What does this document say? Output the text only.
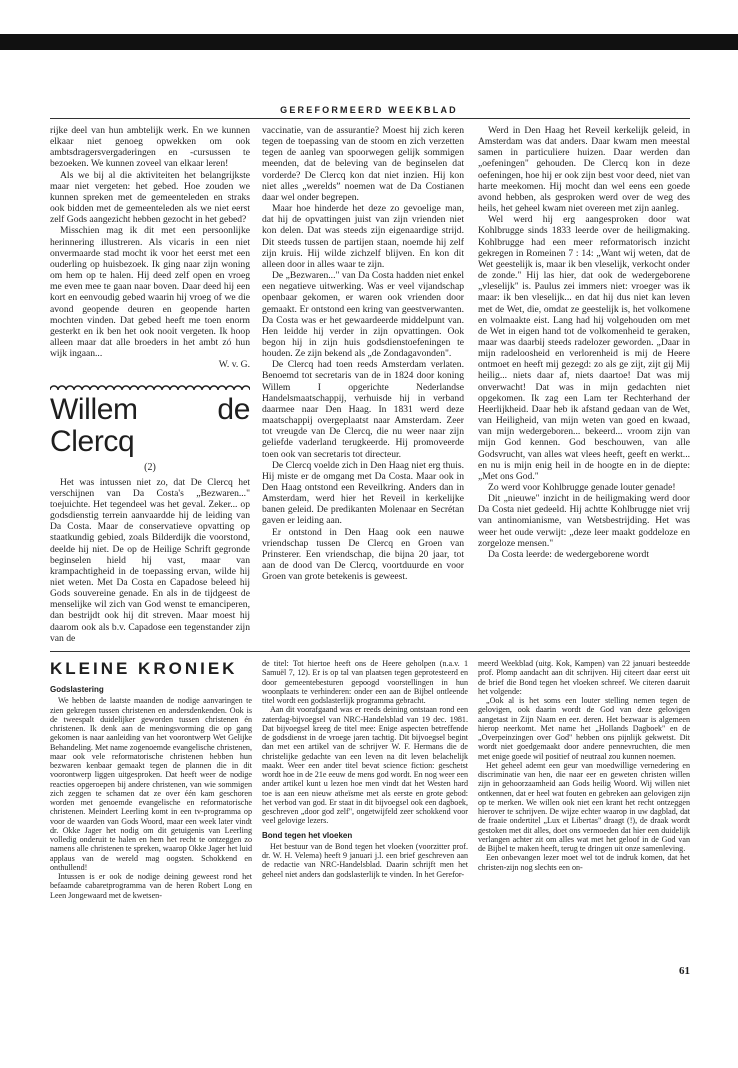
GEREFORMEERD WEEKBLAD

rijke deel van hun ambtelijk werk. En we kunnen elkaar niet genoeg opwekken om ook ambtsdragersvergaderingen en -cursussen te bezoeken. We kunnen zoveel van elkaar leren!

Als we bij al die aktiviteiten het belangrijkste maar niet vergeten: het gebed. Hoe zouden we kunnen spreken met de gemeenteleden en straks ook bidden met de gemeenteleden als we niet eerst zelf Gods aangezicht hebben gezocht in het gebed?

Misschien mag ik dit met een persoonlijke herinnering illustreren. Als vicaris in een niet onvermaarde stad mocht ik voor het eerst met een ouderling op huisbezoek. Ik ging naar zijn woning om hem op te halen. Hij deed zelf open en vroeg me even mee te gaan naar boven. Daar deed hij een kort en eenvoudig gebed waarin hij vroeg of we die avond geopende deuren en geopende harten mochten vinden. Dat gebed heeft me toen enorm gesterkt en ik ben het ook nooit vergeten. Ik hoop alleen maar dat alle broeders in het ambt zó hun wijk ingaan...

W. v. G.

Willem de Clercq
(2)

Het was intussen niet zo, dat De Clercq het verschijnen van Da Costa's „Bezwaren..." toejuichte. Het tegendeel was het geval. Zeker... op godsdienstig terrein aanvaardde hij de leiding van Da Costa. Maar de conservatieve opvatting op staatkundig gebied, zoals Bilderdijk die voorstond, deelde hij niet. De op de Heilige Schrift gegronde beginselen hield hij vast, maar van krampachtigheid in de toepassing ervan, wilde hij niet weten. Met Da Costa en Capadose beleed hij Gods souvereine genade. En als in de tijdgeest de menselijke wil zich van God wenst te emanciperen, dan bestrijdt ook hij dit streven. Maar moest hij daarom ook als b.v. Capadose een tegenstander zijn van de

vaccinatie, van de assurantie? Moest hij zich keren tegen de toepassing van de stoom en zich verzetten tegen de aanleg van spoorwegen gelijk sommigen meenden, dat de beleving van de beginselen dat vorderde? De Clercq kon dat niet inzien. Hij kon niet alles „wereldsˮ noemen wat de Da Costianen daar wel onder begrepen.

Maar hoe hinderde het deze zo gevoelige man, dat hij de opvattingen juist van zijn vrienden niet kon delen. Dat was steeds zijn eigenaardige strijd. Dit steeds tussen de partijen staan, noemde hij zelf zijn kruis. Hij wilde zichzelf blijven. En kon dit alleen door in alles waar te zijn.

De „Bezwaren..." van Da Costa hadden niet enkel een negatieve uitwerking. Was er veel vijandschap openbaar gekomen, er waren ook vrienden door gemaakt. Er ontstond een kring van geestverwanten. Da Costa was er het gewaardeerde middelpunt van. Hen leidde hij verder in zijn opvattingen. Ook begon hij in zijn huis godsdienstoefeningen te houden. Ze zijn bekend als „de Zondagavonden".

De Clercq had toen reeds Amsterdam verlaten. Benoemd tot secretaris van de in 1824 door koning Willem I opgerichte Nederlandse Handelsmaatschappij, verhuisde hij in verband daarmee naar Den Haag. In 1831 werd deze maatschappij overgeplaatst naar Amsterdam. Zeer tot vreugde van De Clercq, die nu weer naar zijn geliefde vaderland terugkeerde. Hij promoveerde toen ook van secretaris tot directeur.

De Clercq voelde zich in Den Haag niet erg thuis. Hij miste er de omgang met Da Costa. Maar ook in Den Haag ontstond een Reveilkring. Anders dan in Amsterdam, werd hier het Reveil in kerkelijke banen geleid. De predikanten Molenaar en Secrétan gaven er leiding aan.

Er ontstond in Den Haag ook een nauwe vriendschap tussen De Clercq en Groen van Prinsterer. Een vriendschap, die bijna 20 jaar, tot aan de dood van De Clercq, voortduurde en voor Groen van grote betekenis is geweest.

Werd in Den Haag het Reveil kerkelijk geleid, in Amsterdam was dat anders. Daar kwam men meestal samen in particuliere huizen. Daar werden dan „oefeningen" gehouden. De Clercq kon in deze oefeningen, hoe hij er ook zijn best voor deed, niet van harte meekomen. Hij mocht dan wel eens een goede avond hebben, als gesproken werd over de weg des heils, het geheel kwam niet overeen met zijn aanleg.

Wel werd hij erg aangesproken door wat Kohlbrugge sinds 1833 leerde over de heiligmaking. Kohlbrugge had een meer reformatorisch inzicht gekregen in Romeinen 7 : 14: „Want wij weten, dat de Wet geestelijk is, maar ik ben vleselijk, verkocht onder de zonde." Hij las hier, dat ook de wedergeborene „vleselijk" is. Paulus zei immers niet: vroeger was ik maar: ik ben vleselijk... en dat hij dus niet kan leven met de Wet, die, omdat ze geestelijk is, het volkomene en volmaakte eist. Lang had hij volgehouden om met de Wet in eigen hand tot de volkomenheid te geraken, maar was daarbij steeds radelozer geworden. „Daar in mijn radeloosheid en verlorenheid is mij de Heere ontmoet en heeft mij gezegd: zo als ge zijt, zijt gij Mij heilig... niets daar af, niets daartoe! Dat was mij onverwacht! Dat was in mijn gedachten niet opgekomen. Ik zag een Lam ter Rechterhand der Heerlijkheid. Daar heb ik afstand gedaan van de Wet, van Heiligheid, van mijn weten van goed en kwaad, van mijn wedergeboren... bekeerd... vroom zijn van mijn God kennen. God beschouwen, van alle Godsvrucht, van alles wat vlees heeft, geeft en werkt... en nu is mijn enig heil in de hoogte en in de diepte: „Met ons God."

Zo werd voor Kohlbrugge genade louter genade!

Dit „nieuwe" inzicht in de heiligmaking werd door Da Costa niet gedeeld. Hij achtte Kohlbrugge niet vrij van antinomianisme, van Wetsbestrijding. Het was weer het oude verwijt: „deze leer maakt goddeloze en zorgeloze mensen."

Da Costa leerde: de wedergeborene wordt

KLEINE KRONIEK
Godslastering

We hebben de laatste maanden de nodige aanvaringen te zien gekregen tussen christenen en andersdenkenden. Ook is de tweespalt duidelijker geworden tussen christenen én christenen. Ik denk aan de meningsvorming die op gang gekomen is naar aanleiding van het voorontwerp Wet Gelijke Behandeling. Met name zogenoemde evangelische christenen, maar ook vele reformatorische christenen hebben hun bezwaren kenbaar gemaakt tegen de plannen die in dit voorontwerp liggen uitgesproken. Dat heeft weer de nodige reacties opgeroepen bij andere christenen, van wie sommigen zich zeggen te schamen dat ze over één kam geschoren worden met genoemde evangelische en reformatorische christenen. Meindert Leerling komt in een tv-programma op voor de waarden van Gods Woord, maar een week later vindt dr. Okke Jager het nodig om dit getuigenis van Leerling volledig onderuit te halen en hem het recht te ontzeggen zo namens alle christenen te spreken, waarop Okke Jager het luid applaus van de wereld mag oogsten. Schokkend en onthullend!

Intussen is er ook de nodige deining geweest rond het befaamde cabaretprogramma van de heren Robert Long en Leen Jongewaard met de kwetsen-

de titel: Tot hiertoe heeft ons de Heere geholpen (n.a.v. 1 Samuël 7, 12). Er is op tal van plaatsen tegen geprotesteerd en door gemeentebesturen gepoogd voorstellingen in hun woonplaats te verhinderen: onder een aan de Bijbel ontleende titel wordt een godslasterlijk programma gebracht.

Aan dit voorafgaand was er reeds deining ontstaan rond een zaterdag-bijvoegsel van NRC-Handelsblad van 19 dec. 1981. Dat bijvoegsel kreeg de titel mee: Enige aspecten betreffende de godsdienst in de vroege jaren tachtig. Dit bijvoegsel begint dan met een artikel van de schrijver W. F. Hermans die de christelijke gedachte van een leven na dit leven belachelijk maakt. Weer een ander titel bevat science fiction: geschetst wordt hoe in de 21e eeuw de mens god wordt. En nog weer een ander artikel kunt u lezen hoe men vindt dat het Westen hard toe is aan een nieuw atheïsme met als eerste en grote gebod: het verbod van god. Er staat in dit bijvoegsel ook een dagboek, geschreven „door god zelf", ongetwijfeld zeer schokkend voor veel gelovige lezers.

Bond tegen het vloeken

Het bestuur van de Bond tegen het vloeken (voorzitter prof. dr. W. H. Velema) heeft 9 januari j.l. een brief geschreven aan de redactie van NRC-Handelsblad. Daarin schrijft men het geheel niet anders dan godslasterlijk te vinden. In het Gerefor-

meerd Weekblad (uitg. Kok, Kampen) van 22 januari besteedde prof. Plomp aandacht aan dit schrijven. Hij citeert daar eerst uit de brief die Bond tegen het vloeken schreef. We citeren daaruit het volgende:

„Ook al is het soms een louter stelling nemen tegen de gelovigen, ook daarin wordt de God van deze gelovigen aangetast in Zijn Naam en eer. deren. Het bezwaar is algemeen hierop neerkomt. Met name het „Hollands Dagboek" en de „Overpeinzingen over God" hebben ons pijnlijk gekwetst. Dit wordt niet goedgemaakt door andere pennevruchten, die men met enige goede wil positief of neutraal zou kunnen noemen.

Het geheel ademt een geur van moedwillige vernedering en discriminatie van hen, die naar eer en geweten christen willen zijn in gehoorzaamheid aan Gods heilig Woord. Wij willen niet ontkennen, dat er heel wat fouten en gebreken aan gelovigen zijn op te merken. We willen ook niet een krant het recht ontzeggen hierover te schrijven. De wijze echter waarop in uw dagblad, dat de fraaie ondertitel „Lux et Libertas" draagt (!), de draak wordt gestoken met dit alles, doet ons vermoeden dat hier een duidelijk verlangen achter zit om alles wat met het geloof in de God van de Bijbel te maken heeft, terug te dringen uit onze samenleving.

Een onbevangen lezer moet wel tot de indruk komen, dat het christen-zijn nog slechts een on-

61
